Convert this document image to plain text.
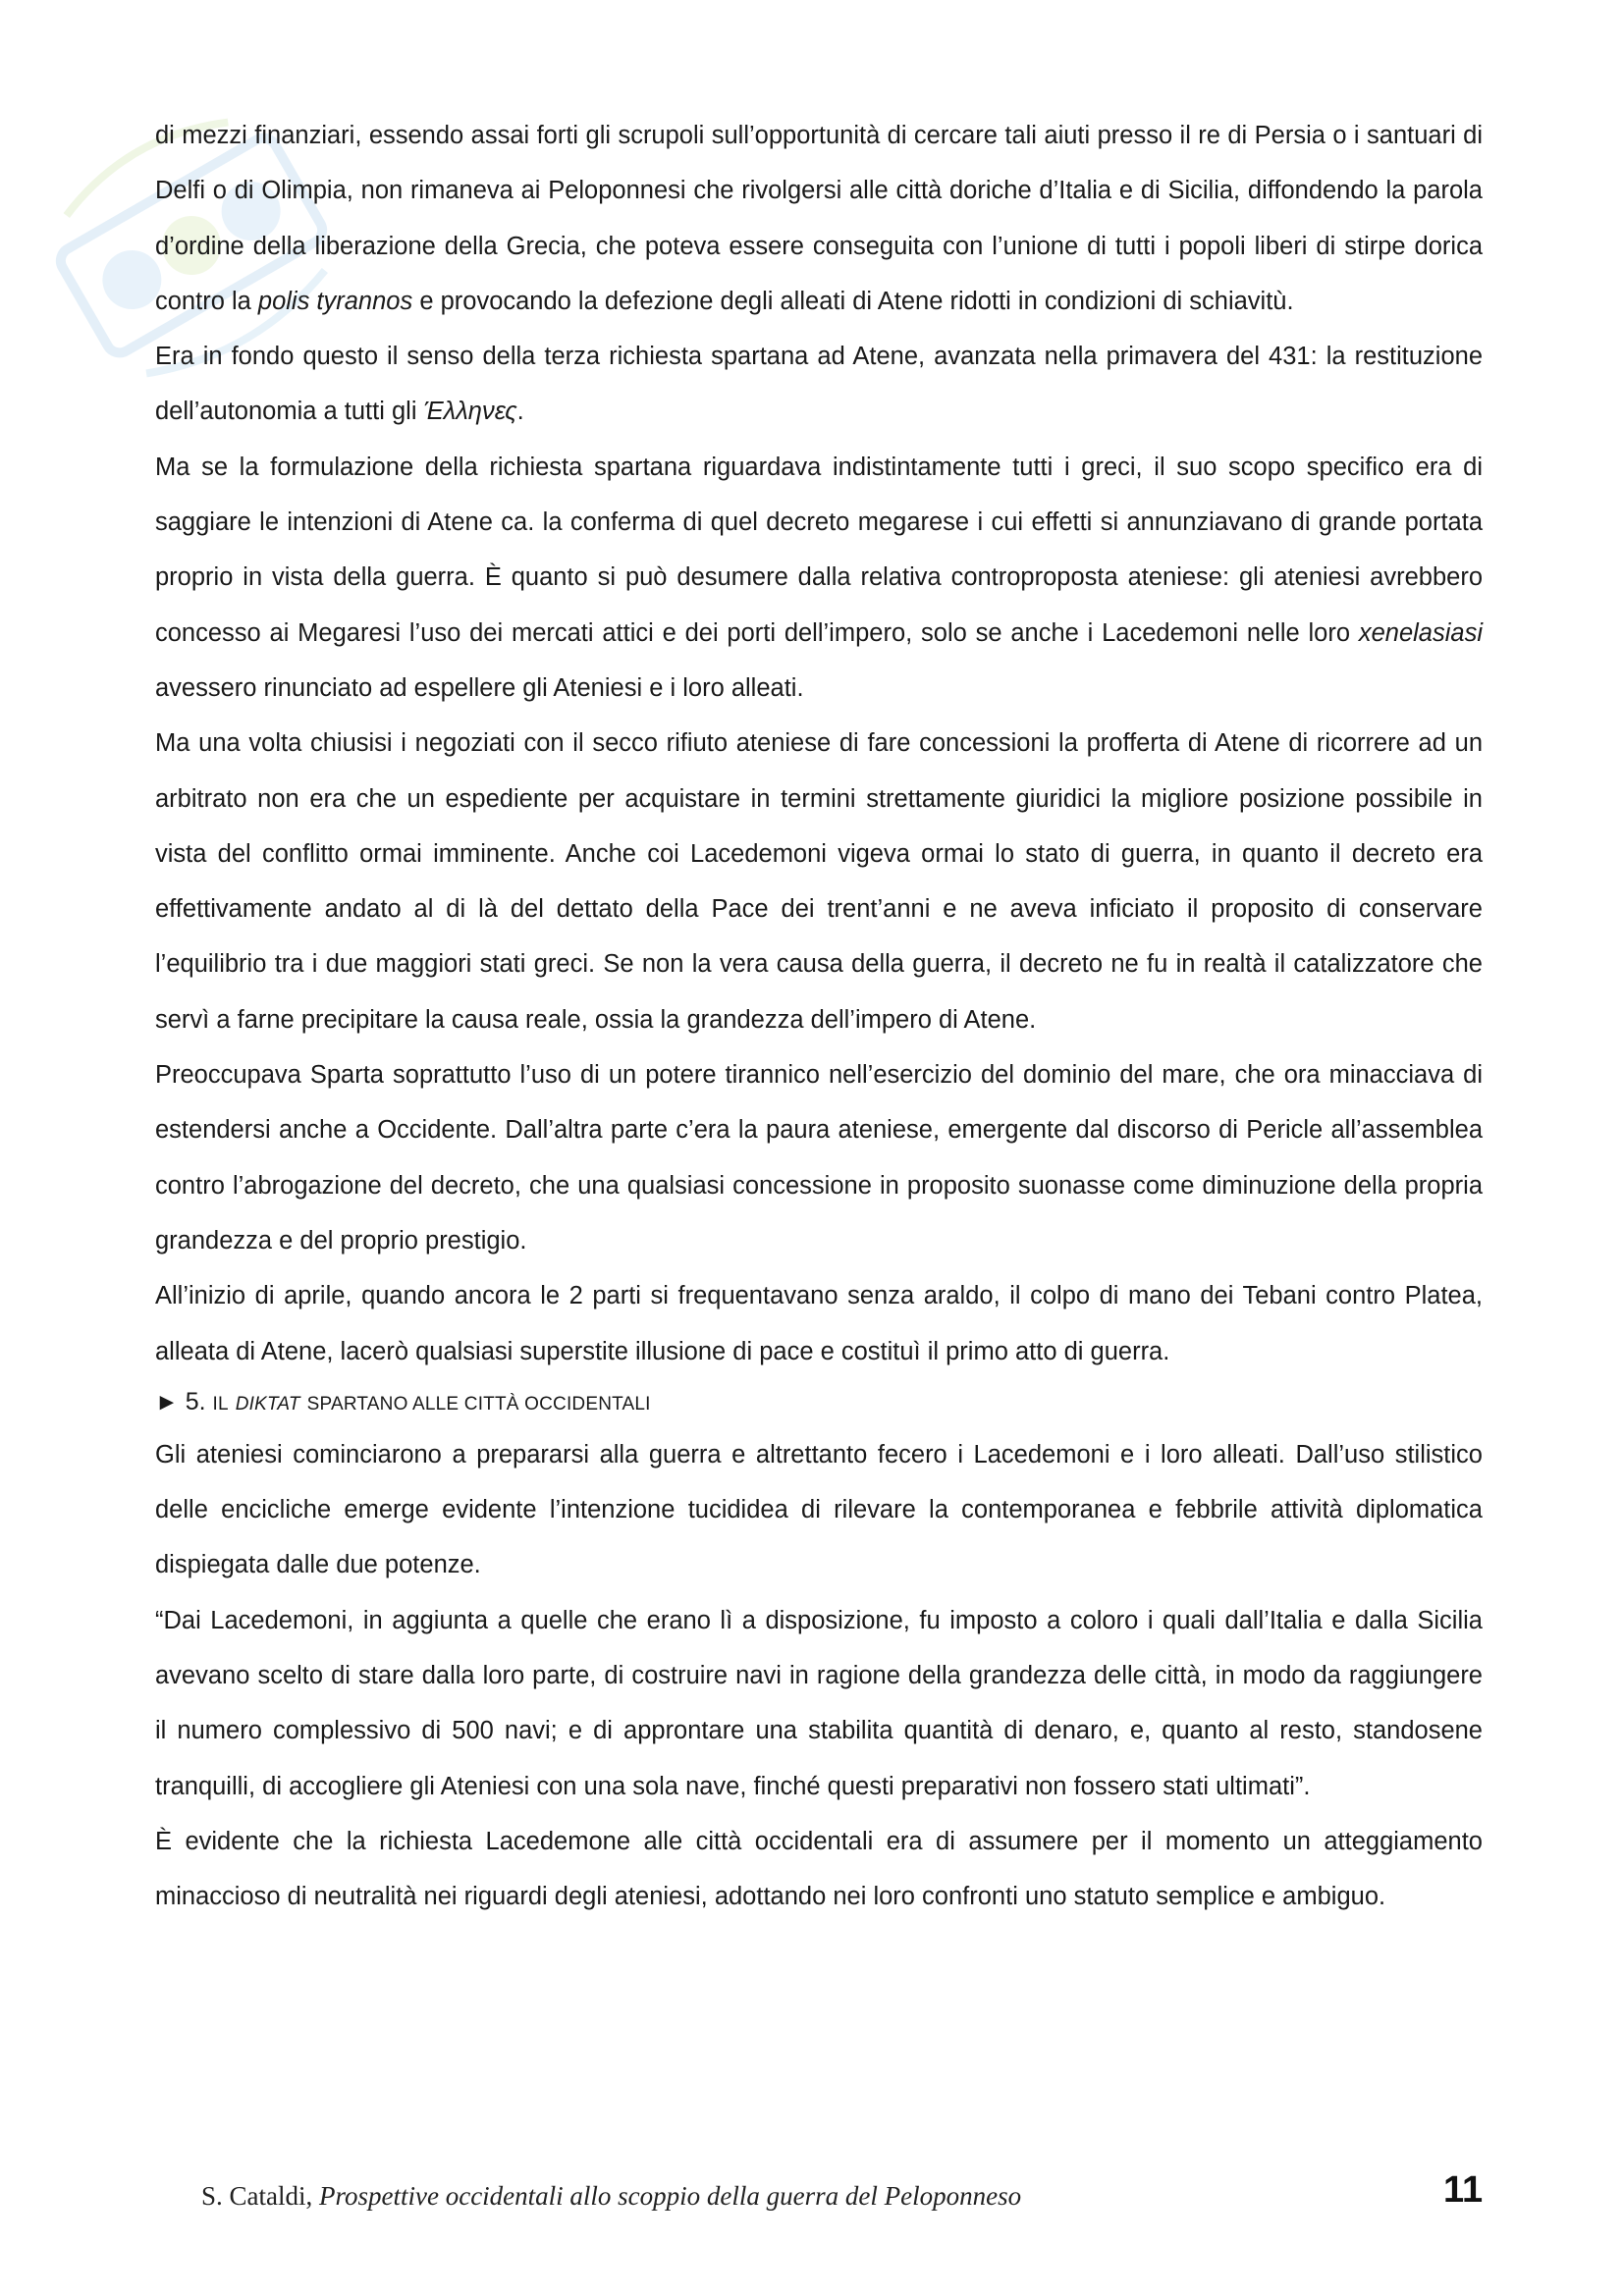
di mezzi finanziari, essendo assai forti gli scrupoli sull’opportunità di cercare tali aiuti presso il re di Persia o i santuari di Delfi o di Olimpia, non rimaneva ai Peloponnesi che rivolgersi alle città doriche d’Italia e di Sicilia, diffondendo la parola d’ordine della liberazione della Grecia, che poteva essere conseguita con l’unione di tutti i popoli liberi di stirpe dorica contro la polis tyrannos e provocando la defezione degli alleati di Atene ridotti in condizioni di schiavitù.

Era in fondo questo il senso della terza richiesta spartana ad Atene, avanzata nella primavera del 431: la restituzione dell’autonomia a tutti gli Έλληνες.

Ma se la formulazione della richiesta spartana riguardava indistintamente tutti i greci, il suo scopo specifico era di saggiare le intenzioni di Atene ca. la conferma di quel decreto megarese i cui effetti si annunziavano di grande portata proprio in vista della guerra. È quanto si può desumere dalla relativa controproposta ateniese: gli ateniesi avrebbero concesso ai Megaresi l’uso dei mercati attici e dei porti dell’impero, solo se anche i Lacedemoni nelle loro xenelasiasi avessero rinunciato ad espellere gli Ateniesi e i loro alleati.

Ma una volta chiusisi i negoziati con il secco rifiuto ateniese di fare concessioni la profferta di Atene di ricorrere ad un arbitrato non era che un espediente per acquistare in termini strettamente giuridici la migliore posizione possibile in vista del conflitto ormai imminente. Anche coi Lacedemoni vigeva ormai lo stato di guerra, in quanto il decreto era effettivamente andato al di là del dettato della Pace dei trent’anni e ne aveva inficiato il proposito di conservare l’equilibrio tra i due maggiori stati greci. Se non la vera causa della guerra, il decreto ne fu in realtà il catalizzatore che servì a farne precipitare la causa reale, ossia la grandezza dell’impero di Atene.

Preoccupava Sparta soprattutto l’uso di un potere tirannico nell’esercizio del dominio del mare, che ora minacciava di estendersi anche a Occidente. Dall’altra parte c’era la paura ateniese, emergente dal discorso di Pericle all’assemblea contro l’abrogazione del decreto, che una qualsiasi concessione in proposito suonasse come diminuzione della propria grandezza e del proprio prestigio.

All’inizio di aprile, quando ancora le 2 parti si frequentavano senza araldo, il colpo di mano dei Tebani contro Platea, alleata di Atene, lacerò qualsiasi superstite illusione di pace e costituì il primo atto di guerra.

► 5. IL DIKTAT SPARTANO ALLE CITTÀ OCCIDENTALI

Gli ateniesi cominciarono a prepararsi alla guerra e altrettanto fecero i Lacedemoni e i loro alleati. Dall’uso stilistico delle encicliche emerge evidente l’intenzione tucididea di rilevare la contemporanea e febbrile attività diplomatica dispiegata dalle due potenze.

“Dai Lacedemoni, in aggiunta a quelle che erano lì a disposizione, fu imposto a coloro i quali dall’Italia e dalla Sicilia avevano scelto di stare dalla loro parte, di costruire navi in ragione della grandezza delle città, in modo da raggiungere il numero complessivo di 500 navi; e di approntare una stabilita quantità di denaro, e, quanto al resto, standosene tranquilli, di accogliere gli Ateniesi con una sola nave, finché questi preparativi non fossero stati ultimati”.

È evidente che la richiesta Lacedemone alle città occidentali era di assumere per il momento un atteggiamento minaccioso di neutralità nei riguardi degli ateniesi, adottando nei loro confronti uno statuto semplice e ambiguo.

S. Cataldi, Prospettive occidentali allo scoppio della guerra del Peloponneso	11
